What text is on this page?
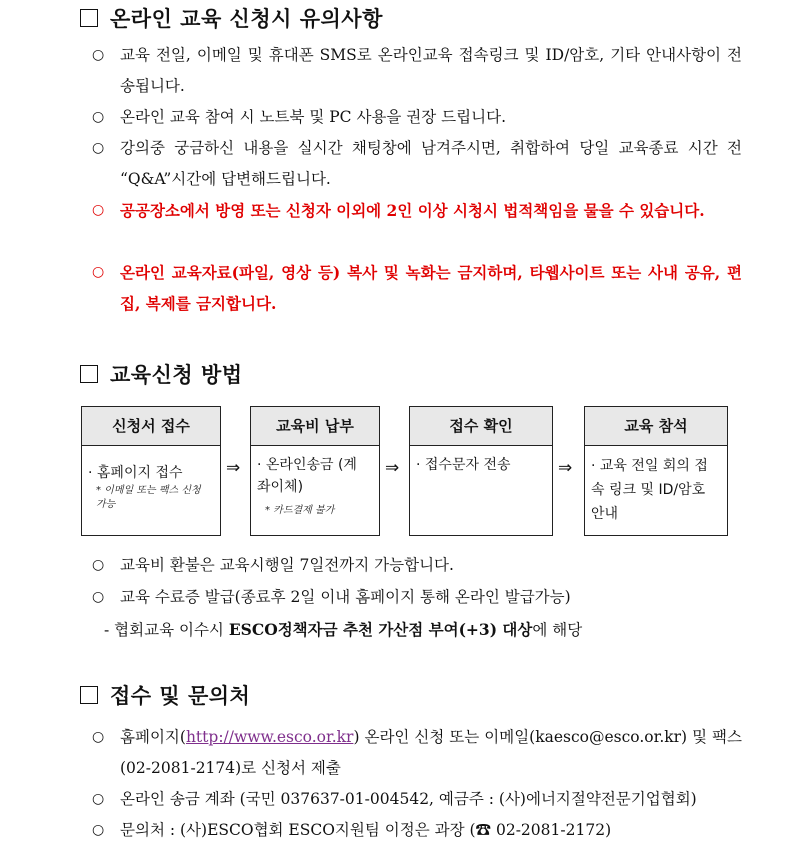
온라인 교육 신청시 유의사항
○ 교육 전일, 이메일 및 휴대폰 SMS로 온라인교육 접속링크 및 ID/암호, 기타 안내사항이 전송됩니다.
○ 온라인 교육 참여 시 노트북 및 PC 사용을 권장 드립니다.
○ 강의중 궁금하신 내용을 실시간 채팅창에 남겨주시면, 취합하여 당일 교육종료 시간 전 “Q&A”시간에 답변해드립니다.
○ 공공장소에서 방영 또는 신청자 이외에 2인 이상 시청시 법적책임을 물을 수 있습니다.
○ 온라인 교육자료(파일, 영상 등) 복사 및 녹화는 금지하며, 타웹사이트 또는 사내 공유, 편집, 복제를 금지합니다.
교육신청 방법
신청서 접수
· 홈페이지 접수
* 이메일 또는 팩스 신청 가능
⇒
교육비 납부
· 온라인송금 (계좌이체)
* 카드결제 불가
⇒
접수 확인
· 접수문자 전송	⇒
교육 참석
· 교육 전일 회의 접속 링크 및 ID/암호 안내
○ 교육비 환불은 교육시행일 7일전까지 가능합니다.
○ 교육 수료증 발급(종료후 2일 이내 홈페이지 통해 온라인 발급가능)
- 협회교육 이수시 ESCO정책자금 추천 가산점 부여(+3) 대상에 해당
접수 및 문의처
○ 홈페이지(http://www.esco.or.kr) 온라인 신청 또는 이메일(kaesco@esco.or.kr) 및 팩스(02-2081-2174)로 신청서 제출
○ 온라인 송금 계좌 (국민 037637-01-004542, 예금주 : (사)에너지절약전문기업협회)
○ 문의처 : (사)ESCO협회 ESCO지원팀 이정은 과장 (☎ 02-2081-2172)
